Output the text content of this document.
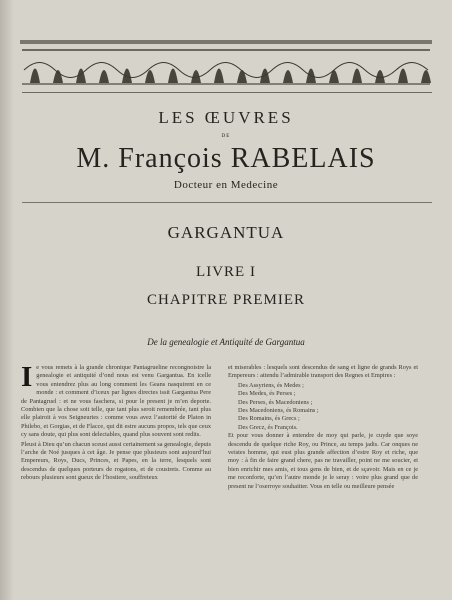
LES ŒUVRES
DE
M. François RABELAIS
Docteur en Medecine
GARGANTUA
LIVRE I
CHAPITRE PREMIER
De la genealogie et Antiquité de Gargantua

Ie vous remets à la grande chronique Pantagrueline recongnoistre la genealogie et antiquité d’ond nous est venu Gargantua. En icelle vous entendrez plus au long comment les Geans nasquirent en ce monde : et comment d’iceux par lignes directes issit Gargantua Pere de Pantagruel : et ne vous faschera, si pour le present je m’en deporte. Combien que la chose soit telle, que tant plus seroit remembrée, tant plus elle plairoit à vos Seigneuries : comme vous avez l’autorité de Platon in Philebo, et Gorgias, et de Flacce, qui dit estre aucuns propos, tels que ceux cy sans doute, qui plus sont delectables, quand plus souvent sont redits.

Pleust à Dieu qu’un chacun sceust aussi certainement sa genealogie, depuis l’arche de Noé jusques à cet âge. Je pense que plusieurs sont aujourd’hui Empereurs, Roys, Ducs, Princes, et Papes, en la terre, lesquels sont descendus de quelques porteurs de rogatons, et de coustrets. Comme au rebours plusieurs sont gueux de l’hostiere, souffreteux

et miserables : lesquels sont descendus de sang et ligne de grands Roys et Empereurs : attendu l’admirable transport des Regnes et Empires :

Des Assyriens, és Medes ;

Des Medes, és Perses ;

Des Perses, és Macedoniens ;

Des Macedoniens, és Romains ;

Des Romains, és Grecs ;

Des Grecz, és François.

Et pour vous donner à entendre de moy qui parle, je cuyde que soye descendu de quelque riche Roy, ou Prince, au temps jadis. Car onques ne veistes homme, qui eust plus grande affection d’estre Roy et riche, que moy : à fin de faire grand chere, pas ne travailler, point ne me soucier, et bien enrichir mes amis, et tous gens de bien, et de sçavoir. Mais en ce je me reconforte, qu’en l’autre monde je le seray : voire plus grand que de present ne l’oserroye souhaitter. Vous en telle ou meilleure pensée
